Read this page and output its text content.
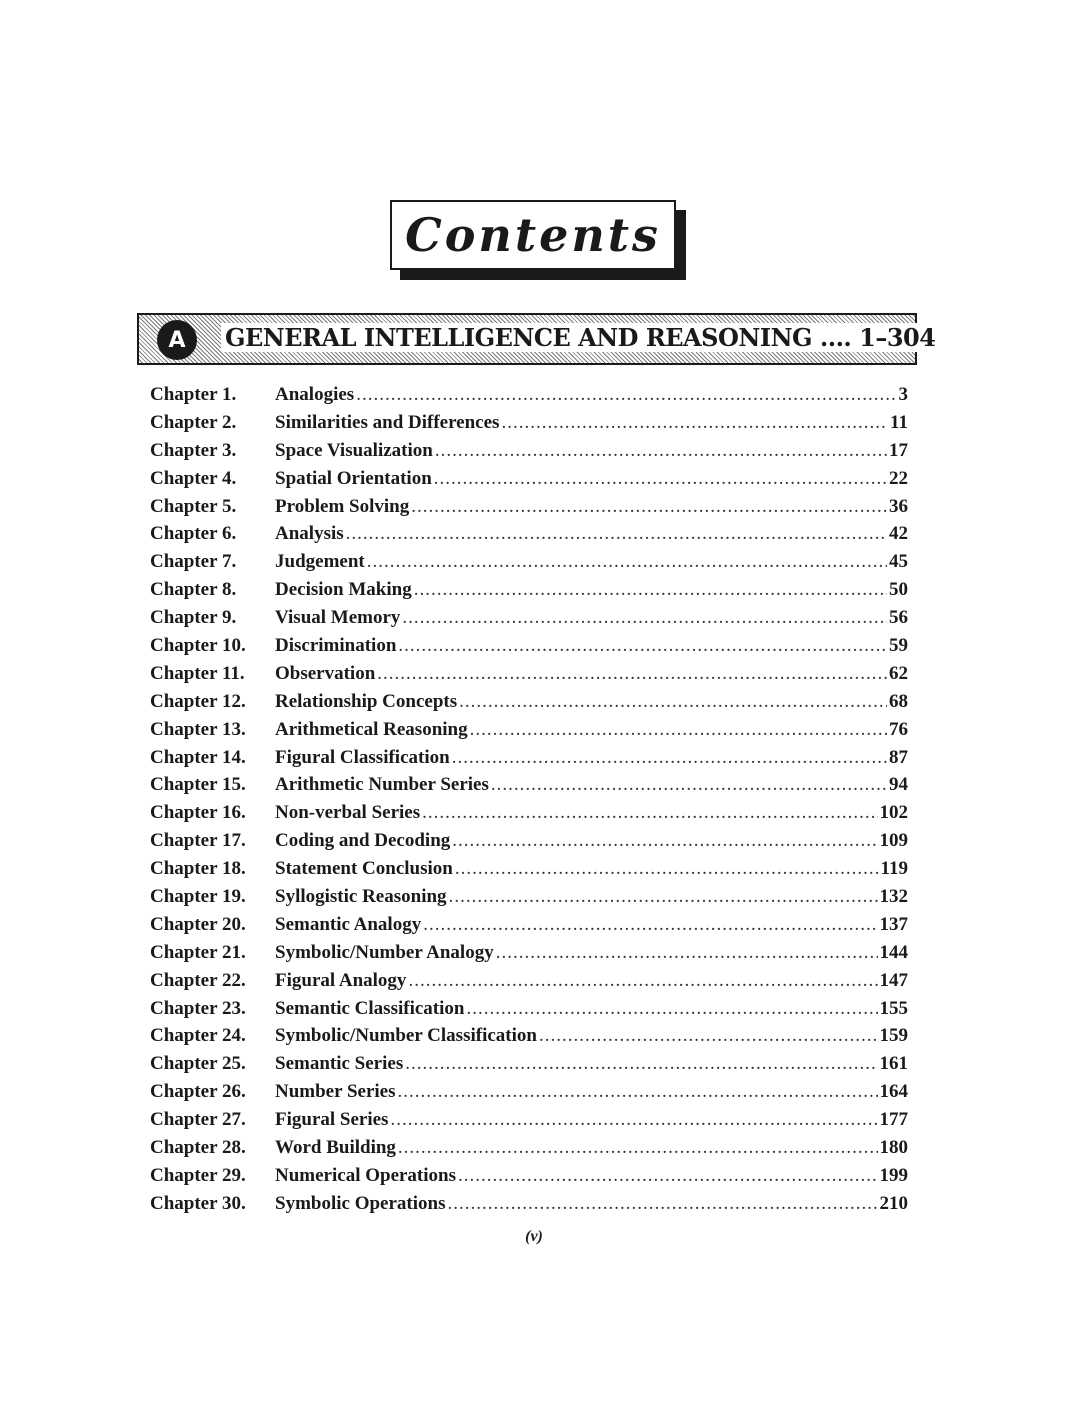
Contents
A	GENERAL INTELLIGENCE AND REASONING .... 1–304
Chapter 1.	Analogies .....	3
Chapter 2.	Similarities and Differences .....	11
Chapter 3.	Space Visualization .....	17
Chapter 4.	Spatial Orientation .....	22
Chapter 5.	Problem Solving .....	36
Chapter 6.	Analysis .....	42
Chapter 7.	Judgement .....	45
Chapter 8.	Decision Making .....	50
Chapter 9.	Visual Memory .....	56
Chapter 10.	Discrimination .....	59
Chapter 11.	Observation .....	62
Chapter 12.	Relationship Concepts .....	68
Chapter 13.	Arithmetical Reasoning .....	76
Chapter 14.	Figural Classification .....	87
Chapter 15.	Arithmetic Number Series .....	94
Chapter 16.	Non-verbal Series .....	102
Chapter 17.	Coding and Decoding .....	109
Chapter 18.	Statement Conclusion .....	119
Chapter 19.	Syllogistic Reasoning .....	132
Chapter 20.	Semantic Analogy .....	137
Chapter 21.	Symbolic/Number Analogy .....	144
Chapter 22.	Figural Analogy .....	147
Chapter 23.	Semantic Classification .....	155
Chapter 24.	Symbolic/Number Classification .....	159
Chapter 25.	Semantic Series .....	161
Chapter 26.	Number Series .....	164
Chapter 27.	Figural Series .....	177
Chapter 28.	Word Building .....	180
Chapter 29.	Numerical Operations .....	199
Chapter 30.	Symbolic Operations .....	210
(v)
